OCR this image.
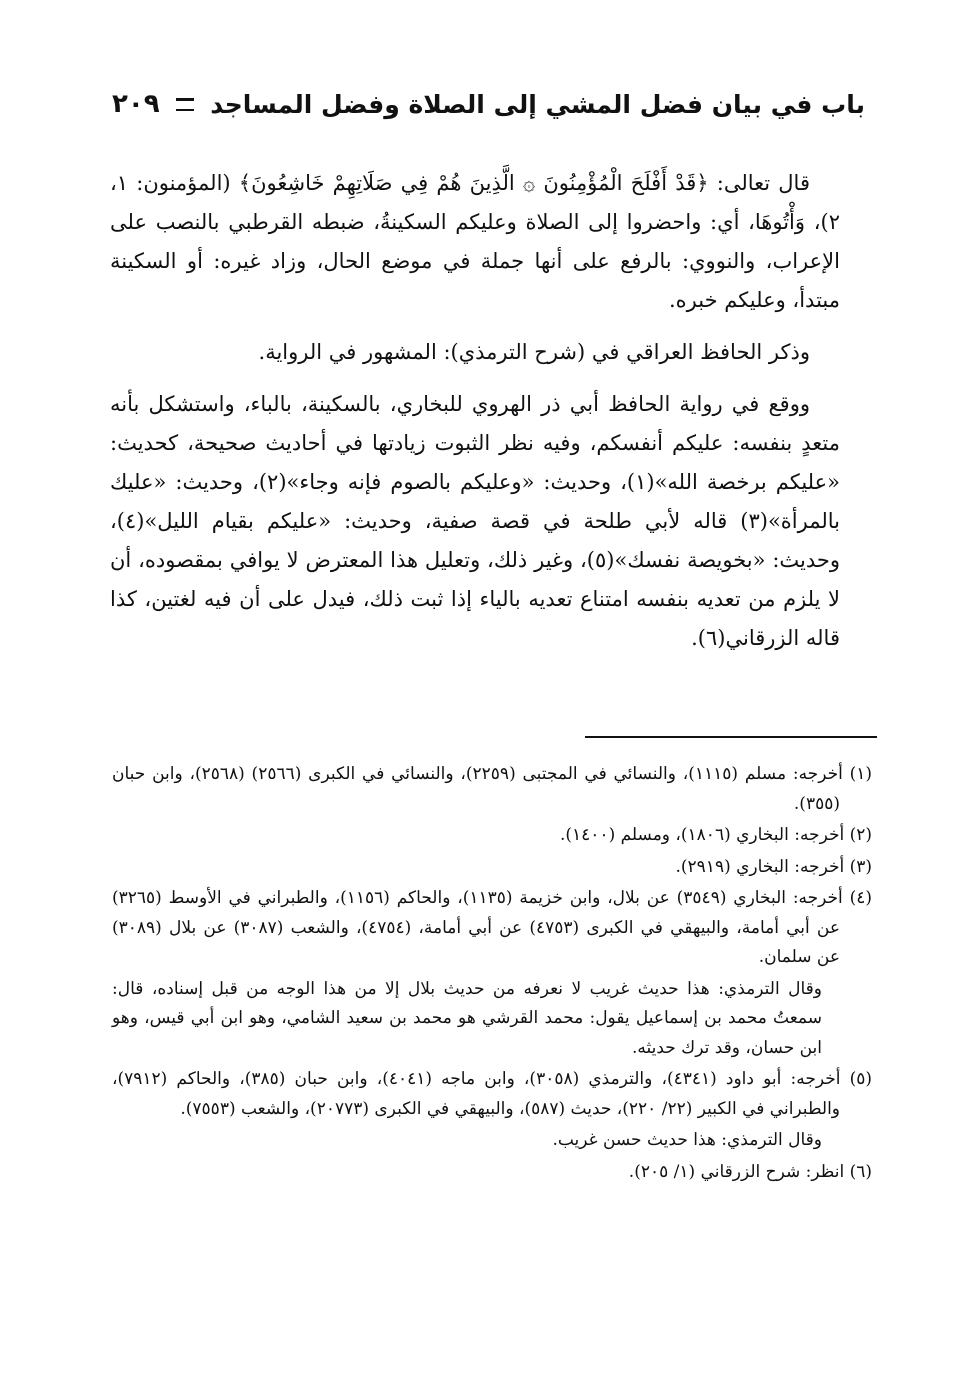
باب في بيان فضل المشي إلى الصلاة وفضل المساجد
٢٠٩

قال تعالى: ﴿قَدْ أَفْلَحَ الْمُؤْمِنُونَ ۞ الَّذِينَ هُمْ فِي صَلَاتِهِمْ خَاشِعُونَ﴾ (المؤمنون: ١، ٢)، وَأْتُوهَا، أي: واحضروا إلى الصلاة وعليكم السكينةُ، ضبطه القرطبي بالنصب على الإعراب، والنووي: بالرفع على أنها جملة في موضع الحال، وزاد غيره: أو السكينة مبتدأ، وعليكم خبره.

وذكر الحافظ العراقي في (شرح الترمذي): المشهور في الرواية.

ووقع في رواية الحافظ أبي ذر الهروي للبخاري، بالسكينة، بالباء، واستشكل بأنه متعدٍ بنفسه: عليكم أنفسكم، وفيه نظر الثبوت زيادتها في أحاديث صحيحة، كحديث: «عليكم برخصة الله»(١)، وحديث: «وعليكم بالصوم فإنه وجاء»(٢)، وحديث: «عليك بالمرأة»(٣) قاله لأبي طلحة في قصة صفية، وحديث: «عليكم بقيام الليل»(٤)، وحديث: «بخويصة نفسك»(٥)، وغير ذلك، وتعليل هذا المعترض لا يوافي بمقصوده، أن لا يلزم من تعديه بنفسه امتناع تعديه بالياء إذا ثبت ذلك، فيدل على أن فيه لغتين، كذا قاله الزرقاني(٦).

(١) أخرجه: مسلم (١١١٥)، والنسائي في المجتبى (٢٢٥٩)، والنسائي في الكبرى (٢٥٦٦) (٢٥٦٨)، وابن حبان (٣٥٥).
(٢) أخرجه: البخاري (١٨٠٦)، ومسلم (١٤٠٠).
(٣) أخرجه: البخاري (٢٩١٩).
(٤) أخرجه: البخاري (٣٥٤٩) عن بلال، وابن خزيمة (١١٣٥)، والحاكم (١١٥٦)، والطبراني في الأوسط (٣٢٦٥) عن أبي أمامة، والبيهقي في الكبرى (٤٧٥٣) عن أبي أمامة، (٤٧٥٤)، والشعب (٣٠٨٧) عن بلال (٣٠٨٩) عن سلمان.
وقال الترمذي: هذا حديث غريب لا نعرفه من حديث بلال إلا من هذا الوجه من قبل إسناده، قال: سمعتُ محمد بن إسماعيل يقول: محمد القرشي هو محمد بن سعيد الشامي، وهو ابن أبي قيس، وهو ابن حسان، وقد ترك حديثه.
(٥) أخرجه: أبو داود (٤٣٤١)، والترمذي (٣٠٥٨)، وابن ماجه (٤٠٤١)، وابن حبان (٣٨٥)، والحاكم (٧٩١٢)، والطبراني في الكبير (٢٢/ ٢٢٠)، حديث (٥٨٧)، والبيهقي في الكبرى (٢٠٧٧٣)، والشعب (٧٥٥٣).
وقال الترمذي: هذا حديث حسن غريب.
(٦) انظر: شرح الزرقاني (١/ ٢٠٥).
